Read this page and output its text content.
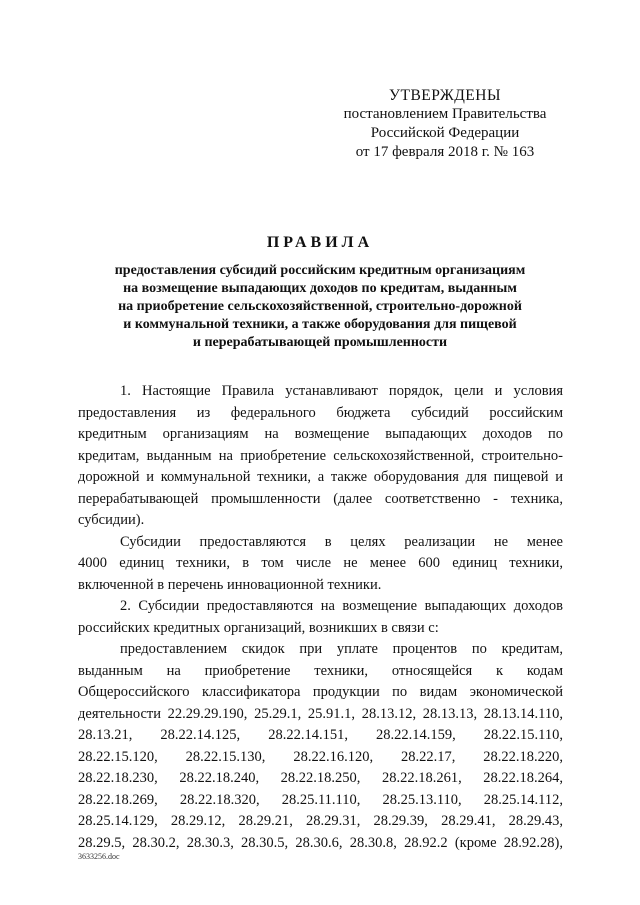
УТВЕРЖДЕНЫ
постановлением Правительства
Российской Федерации
от 17 февраля 2018 г. № 163
ПРАВИЛА
предоставления субсидий российским кредитным организациям
на возмещение выпадающих доходов по кредитам, выданным
на приобретение сельскохозяйственной, строительно-дорожной
и коммунальной техники, а также оборудования для пищевой
и перерабатывающей промышленности
1. Настоящие Правила устанавливают порядок, цели и условия
предоставления из федерального бюджета субсидий российским
кредитным организациям на возмещение выпадающих доходов по
кредитам, выданным на приобретение сельскохозяйственной, строительно-
дорожной и коммунальной техники, а также оборудования для пищевой и
перерабатывающей промышленности (далее соответственно - техника,
субсидии).
Субсидии предоставляются в целях реализации не менее
4000 единиц техники, в том числе не менее 600 единиц техники,
включенной в перечень инновационной техники.
2. Субсидии предоставляются на возмещение выпадающих доходов
российских кредитных организаций, возникших в связи с:
предоставлением скидок при уплате процентов по кредитам,
выданным на приобретение техники, относящейся к кодам
Общероссийского классификатора продукции по видам экономической
деятельности 22.29.29.190, 25.29.1, 25.91.1, 28.13.12, 28.13.13, 28.13.14.110,
28.13.21, 28.22.14.125, 28.22.14.151, 28.22.14.159, 28.22.15.110,
28.22.15.120, 28.22.15.130, 28.22.16.120, 28.22.17, 28.22.18.220,
28.22.18.230, 28.22.18.240, 28.22.18.250, 28.22.18.261, 28.22.18.264,
28.22.18.269, 28.22.18.320, 28.25.11.110, 28.25.13.110, 28.25.14.112,
28.25.14.129, 28.29.12, 28.29.21, 28.29.31, 28.29.39, 28.29.41, 28.29.43,
28.29.5, 28.30.2, 28.30.3, 28.30.5, 28.30.6, 28.30.8, 28.92.2 (кроме 28.92.28),
3633256.doc
